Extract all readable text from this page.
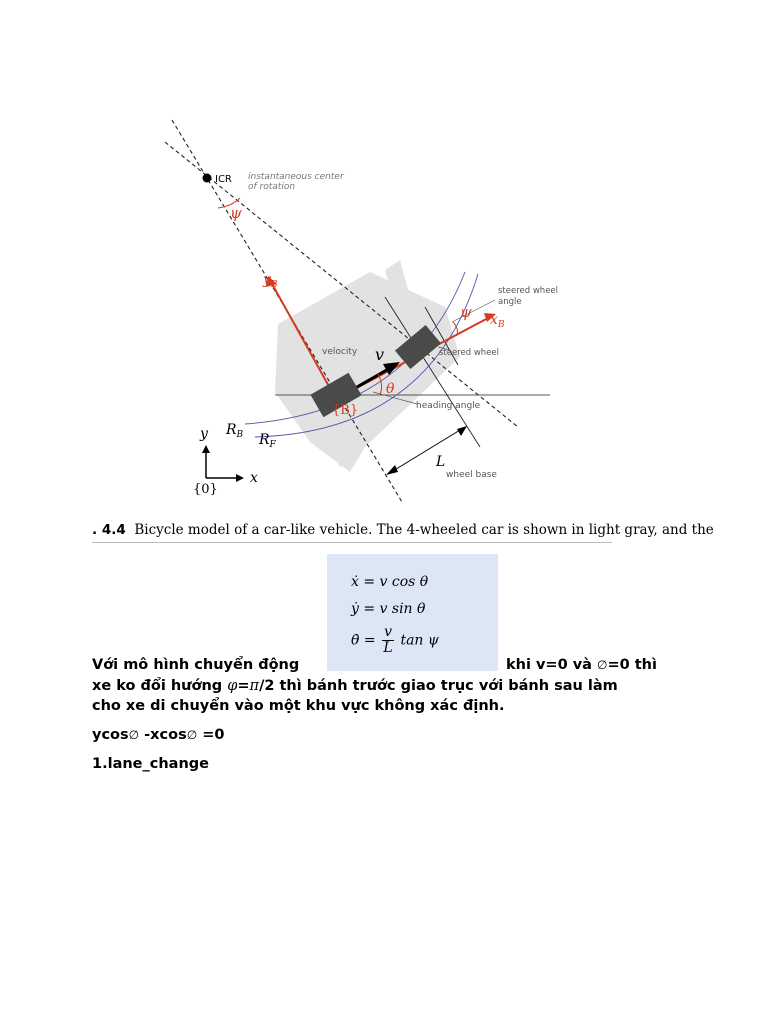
ICR instantaneous center
of rotation
ψ
$y_B$
$x_B$
ψ
steered wheel
angle
velocity v	steered wheel
θ
heading angle
{B}
$R_B$ $R_F$
y
x
{0}
L
wheel base
. 4.4 Bicycle model of a car-like vehicle. The 4-wheeled car is shown in light gray, and the
ẋ = v cos θ
ẏ = v sin θ
θ̇ = $\frac{v}{L}$ tan ψ
Với mô hình chuyển động	khi v=0 và ∅=0 thì
xe ko đổi hướng φ=π/2 thì bánh trước giao trục với bánh sau làm
cho xe di chuyển vào một khu vực không xác định.
ycos∅ -xcos∅ =0
1.lane_change
